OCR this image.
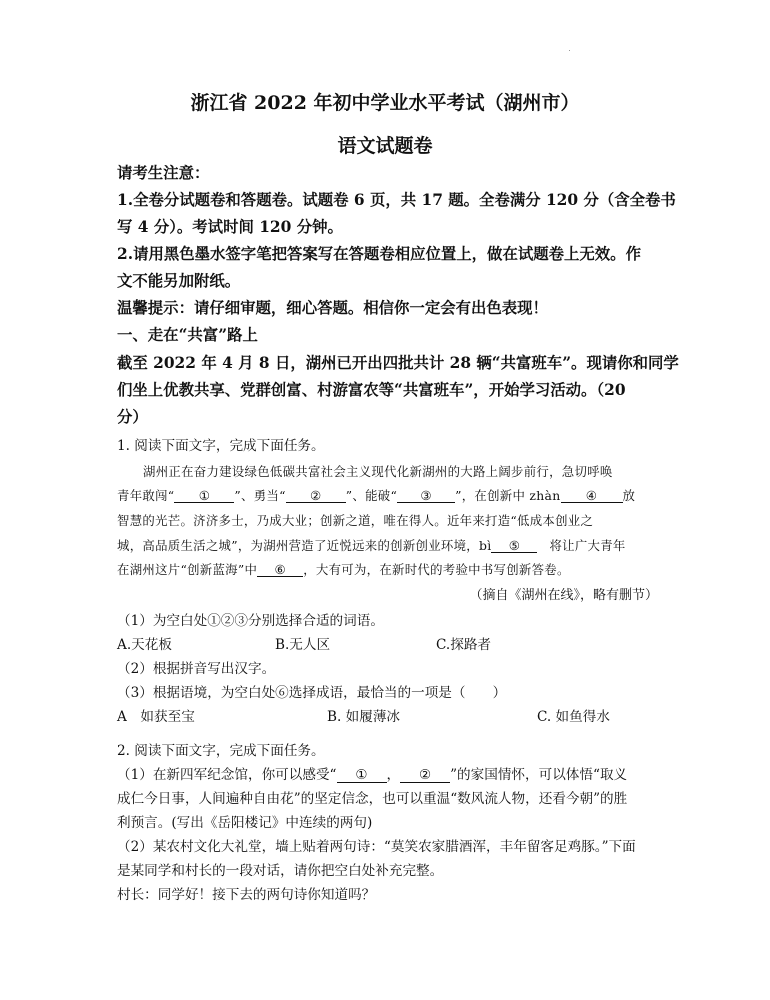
浙江省 2022 年初中学业水平考试（湖州市）
语文试题卷
请考生注意：
1.全卷分试题卷和答题卷。试题卷 6 页，共 17 题。全卷满分 120 分（含全卷书
写 4 分）。考试时间 120 分钟。
2.请用黑色墨水签字笔把答案写在答题卷相应位置上，做在试题卷上无效。作
文不能另加附纸。
温馨提示：请仔细审题，细心答题。相信你一定会有出色表现！
一、走在“共富”路上
截至 2022 年 4 月 8 日，湖州已开出四批共计 28 辆“共富班车”。现请你和同学
们坐上优教共享、党群创富、村游富农等“共富班车”，开始学习活动。（20
分）
1. 阅读下面文字，完成下面任务。
湖州正在奋力建设绿色低碳共富社会主义现代化新湖州的大路上阔步前行，急切呼唤
青年敢闯“ ① ”、勇当“ ② ”、能破“ ③ ”，在创新中 zhàn ④ 放
智慧的光芒。济济多士，乃成大业；创新之道，唯在得人。近年来打造“低成本创业之
城，高品质生活之城”，为湖州营造了近悦远来的创新创业环境，bì ⑤ 将让广大青年
在湖州这片“创新蓝海”中 ⑥ ，大有可为，在新时代的考验中书写创新答卷。
（摘自《湖州在线》，略有删节）
（1）为空白处①②③分别选择合适的词语。
A.天花板	B.无人区	C.探路者
（2）根据拼音写出汉字。
（3）根据语境，为空白处⑥选择成语，最恰当的一项是（　　）
A　如获至宝	B. 如履薄冰	C. 如鱼得水
2. 阅读下面文字，完成下面任务。
（1）在新四军纪念馆，你可以感受“ ① ， ② ”的家国情怀，可以体悟“取义
成仁今日事，人间遍种自由花”的坚定信念，也可以重温“数风流人物，还看今朝”的胜
利预言。(写出《岳阳楼记》中连续的两句)
（2）某农村文化大礼堂，墙上贴着两句诗：“莫笑农家腊酒浑，丰年留客足鸡豚。”下面
是某同学和村长的一段对话，请你把空白处补充完整。
村长：同学好！接下去的两句诗你知道吗？
